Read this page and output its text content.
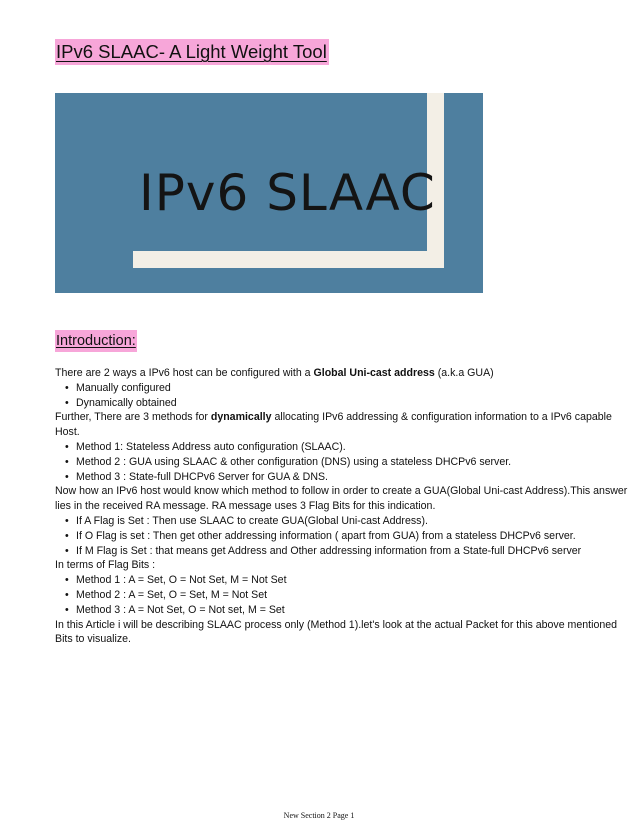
IPv6 SLAAC- A Light Weight Tool
IPv6 SLAAC
Introduction:

There are 2 ways a IPv6 host can be configured with a Global Uni-cast address (a.k.a GUA)

• Manually configured
• Dynamically obtained

Further, There are 3 methods for dynamically allocating IPv6 addressing & configuration information to a IPv6 capable Host.

• Method 1: Stateless Address auto configuration (SLAAC).
• Method 2 : GUA using SLAAC & other configuration (DNS) using a stateless DHCPv6 server.
• Method 3 : State-full DHCPv6 Server for GUA & DNS.

Now how an IPv6 host would know which method to follow in order to create a GUA(Global Uni-cast Address).This answer lies in the received RA message. RA message uses 3 Flag Bits for this indication.

• If A Flag is Set : Then use SLAAC to create GUA(Global Uni-cast Address).
• If O Flag is set : Then get other addressing information ( apart from GUA) from a stateless DHCPv6 server.
• If M Flag is Set : that means get Address and Other addressing information from a State-full DHCPv6 server

In terms of Flag Bits :

• Method 1 : A = Set, O = Not Set, M = Not Set
• Method 2 : A = Set, O = Set, M = Not Set
• Method 3 : A = Not Set, O = Not set, M = Set

In this Article i will be describing SLAAC process only (Method 1).let's look at the actual Packet for this above mentioned Bits to visualize.

New Section 2 Page 1
